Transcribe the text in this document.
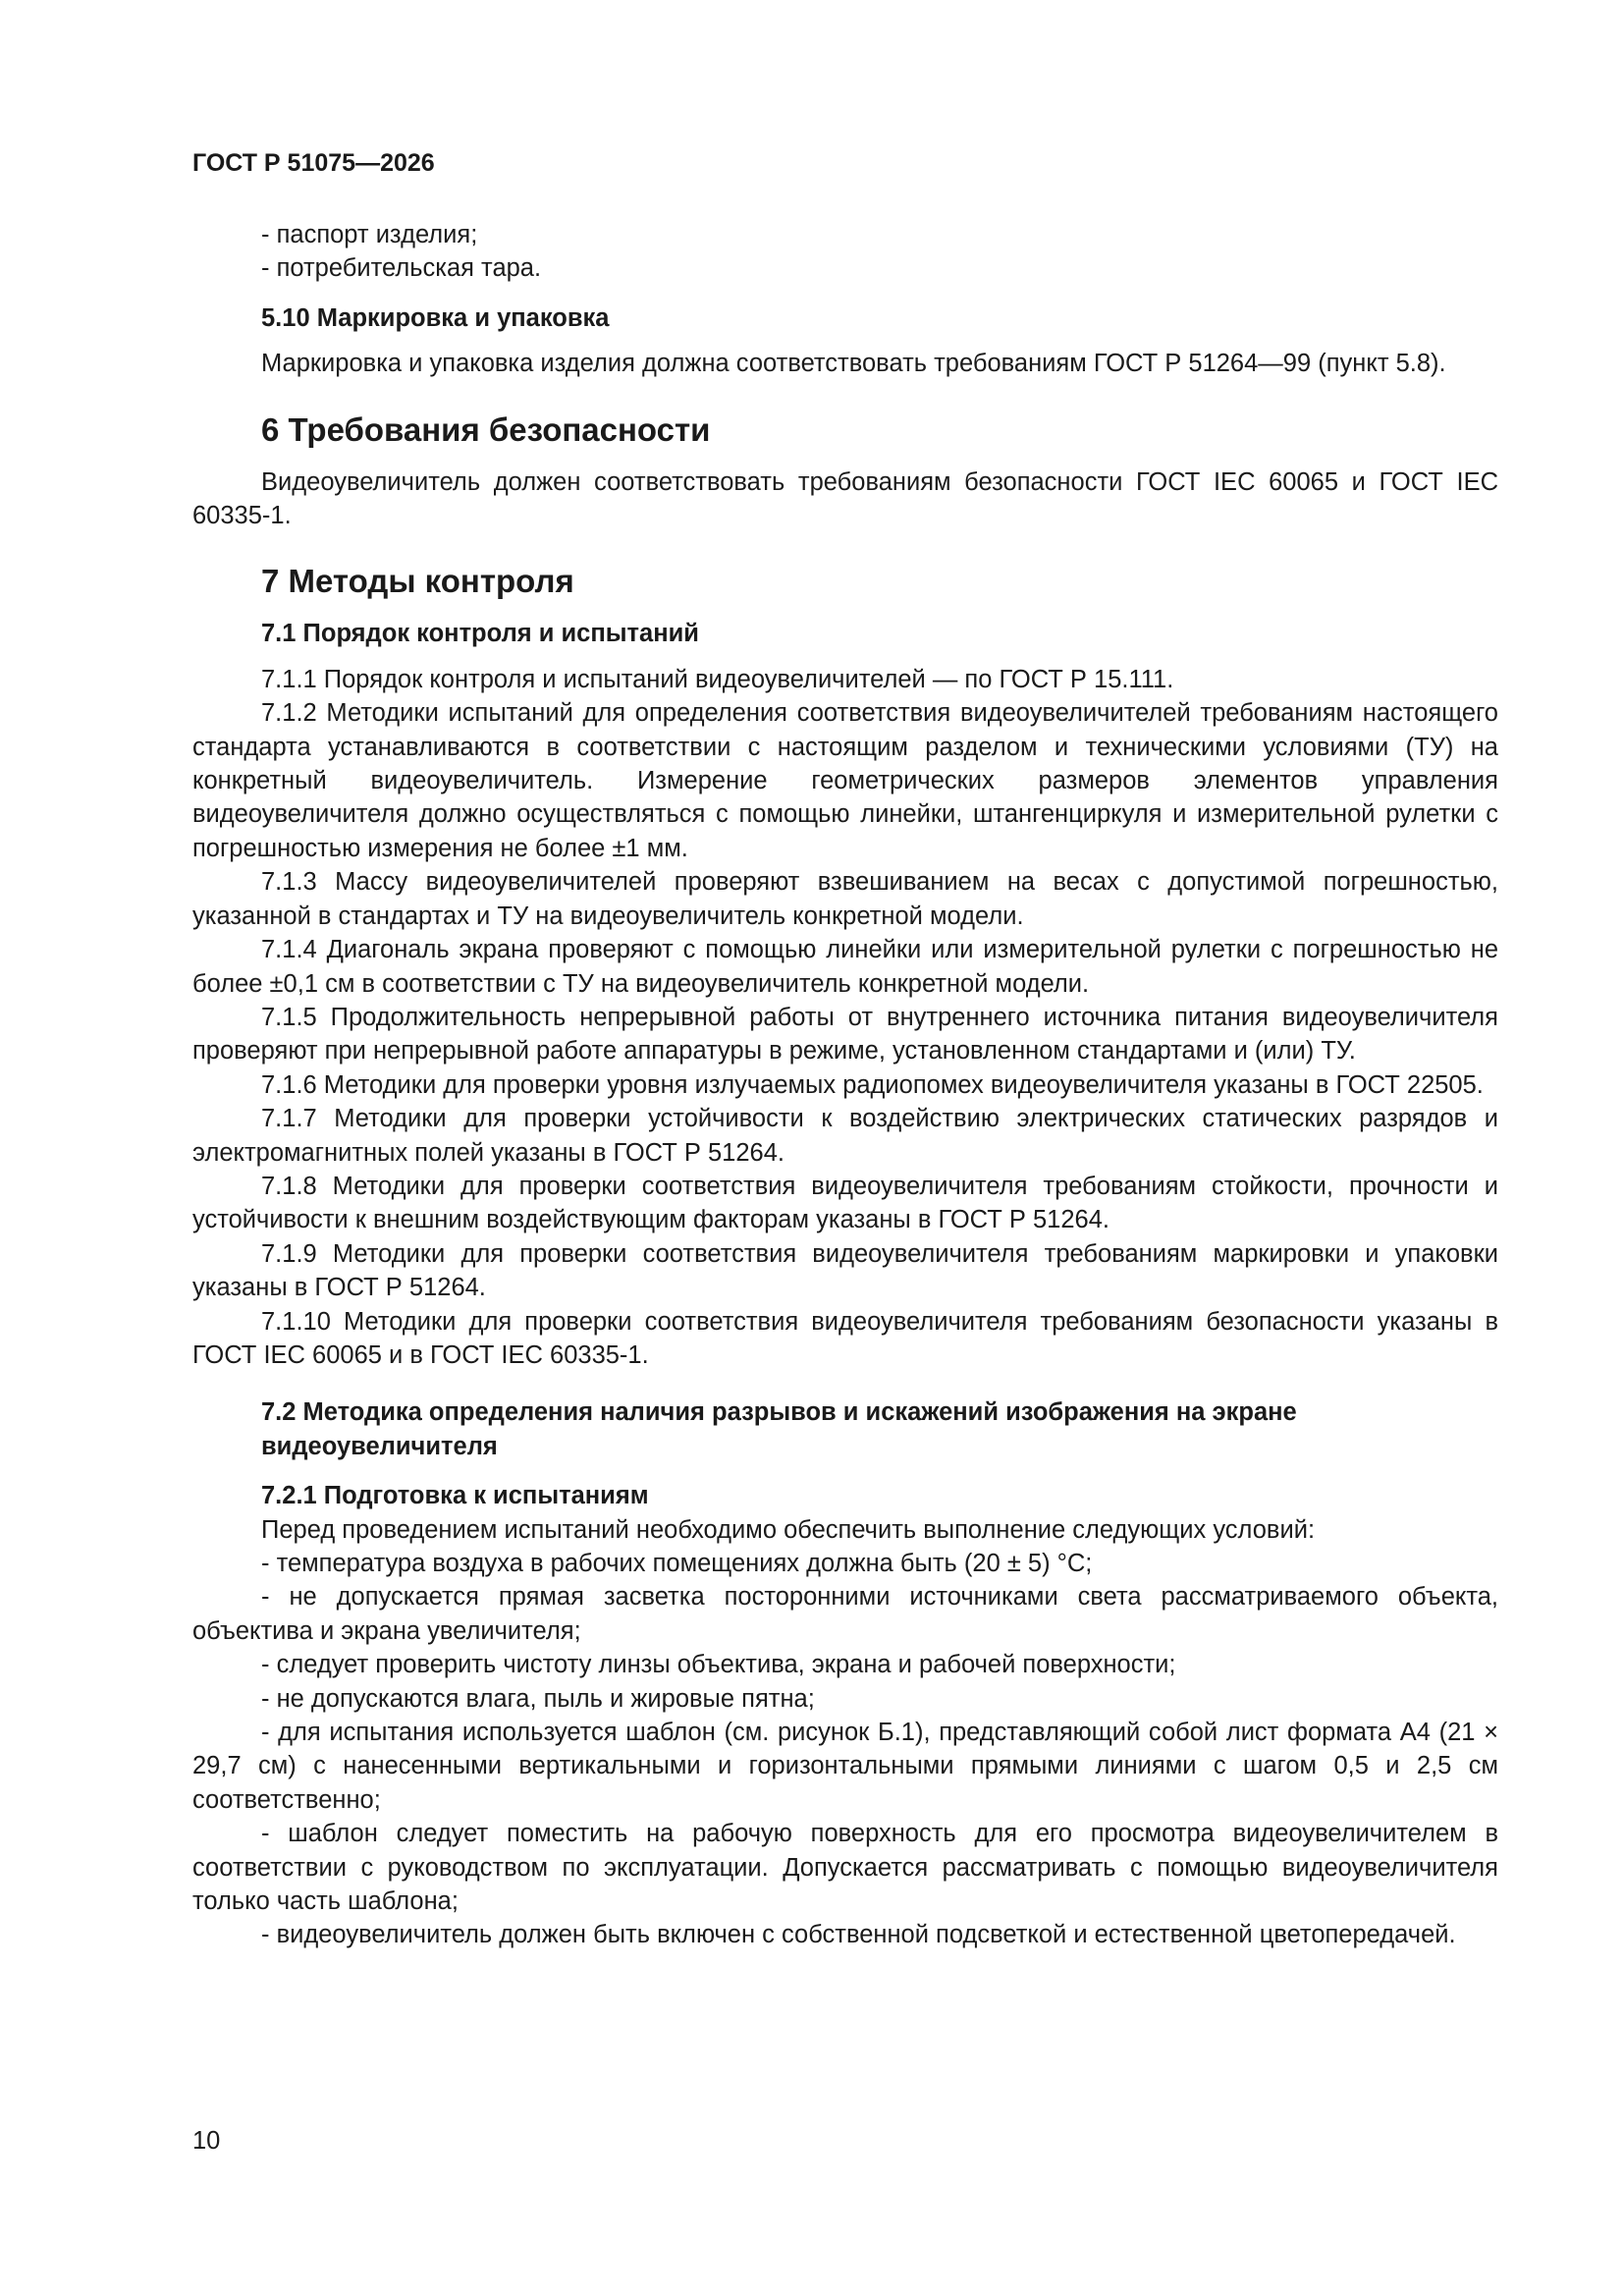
ГОСТ Р 51075—2026

- паспорт изделия;

- потребительская тара.

5.10 Маркировка и упаковка

Маркировка и упаковка изделия должна соответствовать требованиям ГОСТ Р 51264—99 (пункт 5.8).

6 Требования безопасности

Видеоувеличитель должен соответствовать требованиям безопасности ГОСТ IEC 60065 и ГОСТ IEC 60335-1.

7 Методы контроля
7.1 Порядок контроля и испытаний

7.1.1 Порядок контроля и испытаний видеоувеличителей — по ГОСТ Р 15.111.

7.1.2 Методики испытаний для определения соответствия видеоувеличителей требованиям настоящего стандарта устанавливаются в соответствии с настоящим разделом и техническими условиями (ТУ) на конкретный видеоувеличитель. Измерение геометрических размеров элементов управления видеоувеличителя должно осуществляться с помощью линейки, штангенциркуля и измерительной рулетки с погрешностью измерения не более ±1 мм.

7.1.3 Массу видеоувеличителей проверяют взвешиванием на весах с допустимой погрешностью, указанной в стандартах и ТУ на видеоувеличитель конкретной модели.

7.1.4 Диагональ экрана проверяют с помощью линейки или измерительной рулетки с погрешностью не более ±0,1 см в соответствии с ТУ на видеоувеличитель конкретной модели.

7.1.5 Продолжительность непрерывной работы от внутреннего источника питания видеоувеличителя проверяют при непрерывной работе аппаратуры в режиме, установленном стандартами и (или) ТУ.

7.1.6 Методики для проверки уровня излучаемых радиопомех видеоувеличителя указаны в ГОСТ 22505.

7.1.7 Методики для проверки устойчивости к воздействию электрических статических разрядов и электромагнитных полей указаны в ГОСТ Р 51264.

7.1.8 Методики для проверки соответствия видеоувеличителя требованиям стойкости, прочности и устойчивости к внешним воздействующим факторам указаны в ГОСТ Р 51264.

7.1.9 Методики для проверки соответствия видеоувеличителя требованиям маркировки и упаковки указаны в ГОСТ Р 51264.

7.1.10 Методики для проверки соответствия видеоувеличителя требованиям безопасности указаны в ГОСТ IEC 60065 и в ГОСТ IEC 60335-1.

7.2 Методика определения наличия разрывов и искажений изображения на экране видеоувеличителя
7.2.1 Подготовка к испытаниям

Перед проведением испытаний необходимо обеспечить выполнение следующих условий:

- температура воздуха в рабочих помещениях должна быть (20 ± 5) °С;

- не допускается прямая засветка посторонними источниками света рассматриваемого объекта, объектива и экрана увеличителя;

- следует проверить чистоту линзы объектива, экрана и рабочей поверхности;

- не допускаются влага, пыль и жировые пятна;

- для испытания используется шаблон (см. рисунок Б.1), представляющий собой лист формата А4 (21 × 29,7 см) с нанесенными вертикальными и горизонтальными прямыми линиями с шагом 0,5 и 2,5 см соответственно;

- шаблон следует поместить на рабочую поверхность для его просмотра видеоувеличителем в соответствии с руководством по эксплуатации. Допускается рассматривать с помощью видеоувеличителя только часть шаблона;

- видеоувеличитель должен быть включен с собственной подсветкой и естественной цветопередачей.

10
